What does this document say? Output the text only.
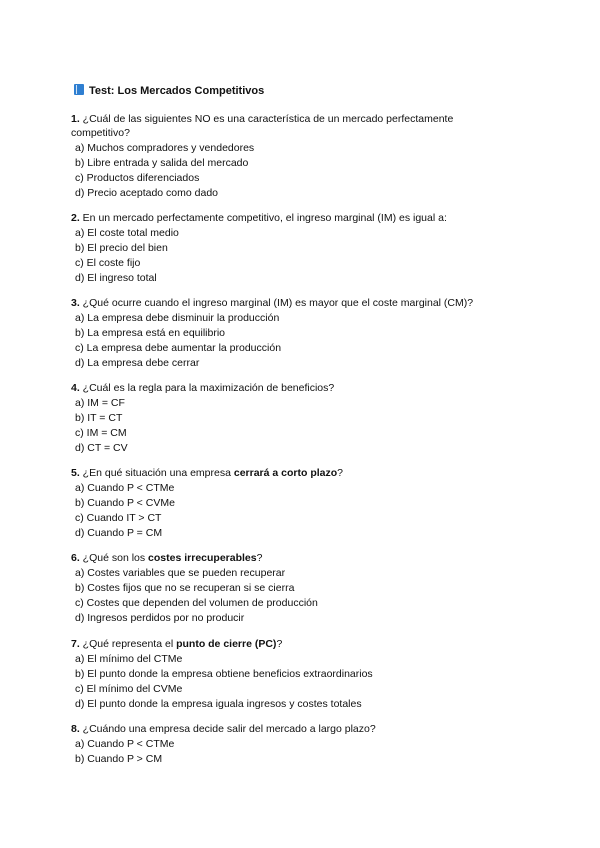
Test: Los Mercados Competitivos
1. ¿Cuál de las siguientes NO es una característica de un mercado perfectamente competitivo?
a) Muchos compradores y vendedores
b) Libre entrada y salida del mercado
c) Productos diferenciados
d) Precio aceptado como dado
2. En un mercado perfectamente competitivo, el ingreso marginal (IM) es igual a:
a) El coste total medio
b) El precio del bien
c) El coste fijo
d) El ingreso total
3. ¿Qué ocurre cuando el ingreso marginal (IM) es mayor que el coste marginal (CM)?
a) La empresa debe disminuir la producción
b) La empresa está en equilibrio
c) La empresa debe aumentar la producción
d) La empresa debe cerrar
4. ¿Cuál es la regla para la maximización de beneficios?
a) IM = CF
b) IT = CT
c) IM = CM
d) CT = CV
5. ¿En qué situación una empresa cerrará a corto plazo?
a) Cuando P < CTMe
b) Cuando P < CVMe
c) Cuando IT > CT
d) Cuando P = CM
6. ¿Qué son los costes irrecuperables?
a) Costes variables que se pueden recuperar
b) Costes fijos que no se recuperan si se cierra
c) Costes que dependen del volumen de producción
d) Ingresos perdidos por no producir
7. ¿Qué representa el punto de cierre (PC)?
a) El mínimo del CTMe
b) El punto donde la empresa obtiene beneficios extraordinarios
c) El mínimo del CVMe
d) El punto donde la empresa iguala ingresos y costes totales
8. ¿Cuándo una empresa decide salir del mercado a largo plazo?
a) Cuando P < CTMe
b) Cuando P > CM
